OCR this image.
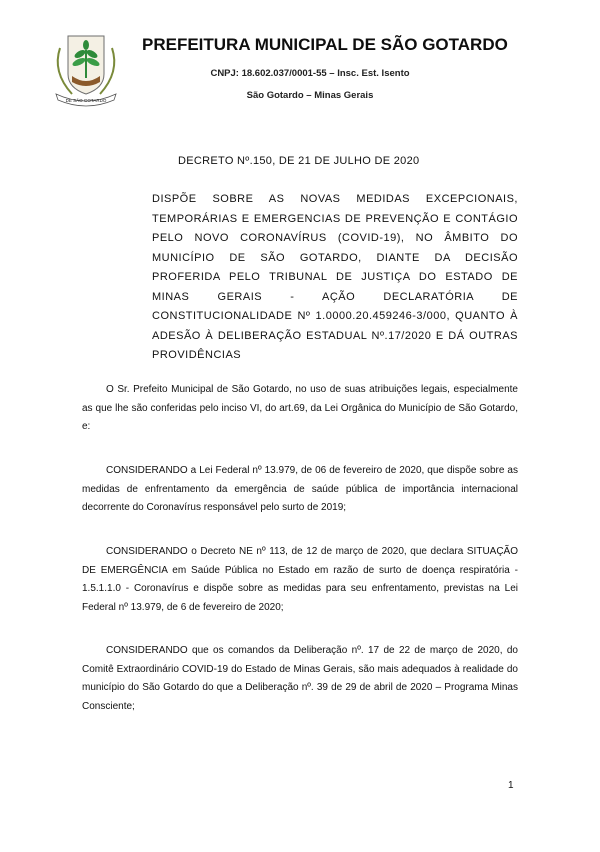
DE SÃO GOTARDO
PREFEITURA MUNICIPAL DE SÃO GOTARDO
CNPJ: 18.602.037/0001-55 – Insc. Est. Isento
São Gotardo – Minas Gerais
DECRETO Nº.150, DE 21 DE JULHO DE 2020
DISPÕE SOBRE AS NOVAS MEDIDAS EXCEPCIONAIS, TEMPORÁRIAS E EMERGENCIAS DE PREVENÇÃO E CONTÁGIO PELO NOVO CORONAVÍRUS (COVID-19), NO ÂMBITO DO MUNICÍPIO DE SÃO GOTARDO, DIANTE DA DECISÃO PROFERIDA PELO TRIBUNAL DE JUSTIÇA DO ESTADO DE MINAS GERAIS - AÇÃO DECLARATÓRIA DE CONSTITUCIONALIDADE Nº 1.0000.20.459246-3/000, QUANTO À ADESÃO À DELIBERAÇÃO ESTADUAL Nº.17/2020 E DÁ OUTRAS PROVIDÊNCIAS
O Sr. Prefeito Municipal de São Gotardo, no uso de suas atribuições legais, especialmente as que lhe são conferidas pelo inciso VI, do art.69, da Lei Orgânica do Município de São Gotardo, e:
CONSIDERANDO a Lei Federal nº 13.979, de 06 de fevereiro de 2020, que dispõe sobre as medidas de enfrentamento da emergência de saúde pública de importância internacional decorrente do Coronavírus responsável pelo surto de 2019;
CONSIDERANDO o Decreto NE nº 113, de 12 de março de 2020, que declara SITUAÇÃO DE EMERGÊNCIA em Saúde Pública no Estado em razão de surto de doença respiratória - 1.5.1.1.0 - Coronavírus e dispõe sobre as medidas para seu enfrentamento, previstas na Lei Federal nº 13.979, de 6 de fevereiro de 2020;
CONSIDERANDO que os comandos da Deliberação nº. 17 de 22 de março de 2020, do Comitê Extraordinário COVID-19 do Estado de Minas Gerais, são mais adequados à realidade do município do São Gotardo do que a Deliberação nº. 39 de 29 de abril de 2020 – Programa Minas Consciente;
1
